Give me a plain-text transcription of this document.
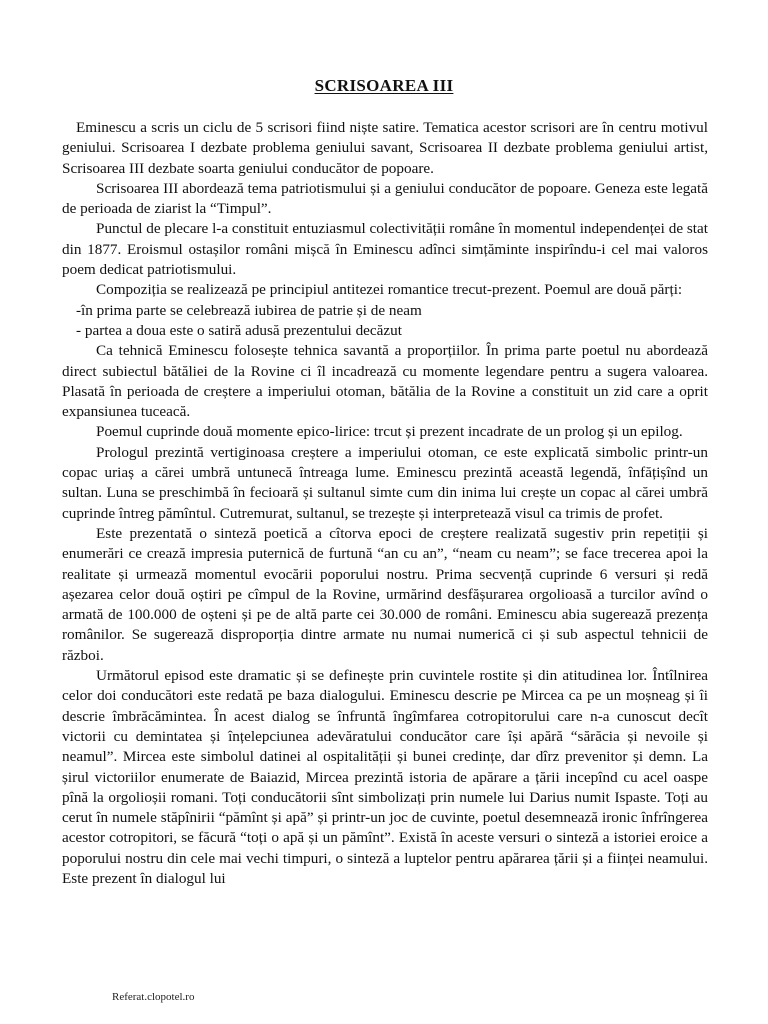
SCRISOAREA III

Eminescu a scris un ciclu de 5 scrisori fiind niște satire. Tematica acestor scrisori are în centru motivul geniului. Scrisoarea I dezbate problema geniului savant, Scrisoarea II dezbate problema geniului artist, Scrisoarea III dezbate soarta geniului conducător de popoare.

Scrisoarea III abordează tema patriotismului și a geniului conducător de popoare. Geneza este legată de perioada de ziarist la “Timpul”.

Punctul de plecare l-a constituit entuziasmul colectivității române în momentul independenței de stat din 1877. Eroismul ostașilor români mișcă în Eminescu adînci simțăminte inspirîndu-i cel mai valoros poem dedicat patriotismului.

Compoziția se realizează pe principiul antitezei romantice trecut-prezent. Poemul are două părți:

-în prima parte se celebrează iubirea de patrie și de neam

- partea a doua este o satiră adusă prezentului decăzut

Ca tehnică Eminescu folosește tehnica savantă a proporțiilor. În prima parte poetul nu abordează direct subiectul bătăliei de la Rovine ci îl incadrează cu momente legendare pentru a sugera valoarea. Plasată în perioada de creștere a imperiului otoman, bătălia de la Rovine a constituit un zid care a oprit expansiunea tuceacă.

Poemul cuprinde două momente epico-lirice: trcut și prezent incadrate de un prolog și un epilog.

Prologul prezintă vertiginoasa creștere a imperiului otoman, ce este explicată simbolic printr-un copac uriaș a cărei umbră untunecă întreaga lume. Eminescu prezintă această legendă, înfățișînd un sultan. Luna se preschimbă în fecioară și sultanul simte cum din inima lui crește un copac al cărei umbră cuprinde întreg pămîntul. Cutremurat, sultanul, se trezește și interpretează visul ca trimis de profet.

Este prezentată o sinteză poetică a cîtorva epoci de creștere realizată sugestiv prin repetiții și enumerări ce crează impresia puternică de furtună “an cu an”, “neam cu neam”; se face trecerea apoi la realitate și urmează momentul evocării poporului nostru. Prima secvență cuprinde 6 versuri și redă așezarea celor două oștiri pe cîmpul de la Rovine, urmărind desfășurarea orgolioasă a turcilor avînd o armată de 100.000 de oșteni și pe de altă parte cei 30.000 de români. Eminescu abia sugerează prezența românilor. Se sugerează disproporția dintre armate nu numai numerică ci și sub aspectul tehnicii de război.

Următorul episod este dramatic și se definește prin cuvintele rostite și din atitudinea lor. Întîlnirea celor doi conducători este redată pe baza dialogului. Eminescu descrie pe Mircea ca pe un moșneag și îi descrie îmbrăcămintea. În acest dialog se înfruntă îngîmfarea cotropitorului care n-a cunoscut decît victorii cu demintatea și înțelepciunea adevăratului conducător care își apără “sărăcia și nevoile și neamul”. Mircea este simbolul datinei al ospitalității și bunei credințe, dar dîrz prevenitor și demn. La șirul victoriilor enumerate de Baiazid, Mircea prezintă istoria de apărare a țării incepînd cu acel oaspe pînă la orgolioșii romani. Toți conducătorii sînt simbolizați prin numele lui Darius numit Ispaste. Toți au cerut în numele stăpînirii “pămînt și apă” și printr-un joc de cuvinte, poetul desemnează ironic înfrîngerea acestor cotropitori, se făcură “toți o apă și un pămînt”. Există în aceste versuri o sinteză a istoriei eroice a poporului nostru din cele mai vechi timpuri, o sinteză a luptelor pentru apărarea țării și a ființei neamului. Este prezent în dialogul lui

Referat.clopotel.ro
